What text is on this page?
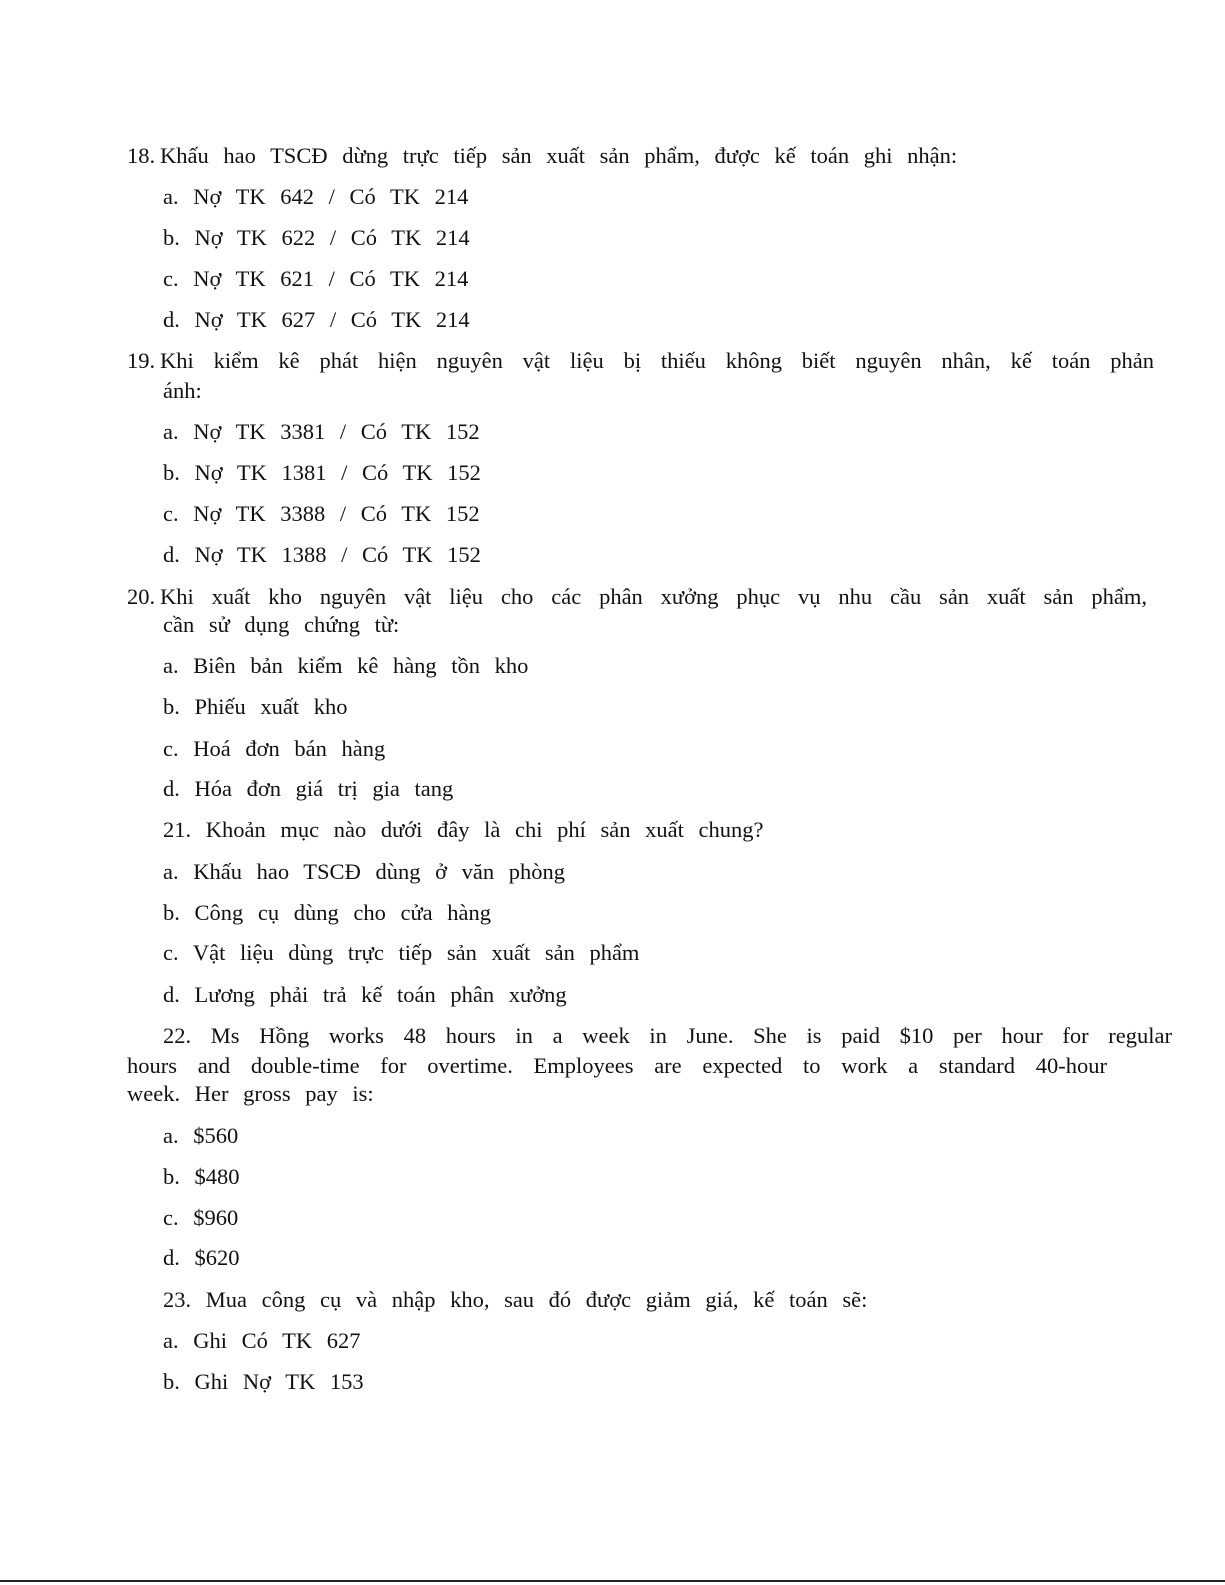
18. Khấu hao TSCĐ dừng trực tiếp sản xuất sản phẩm, được kế toán ghi nhận:
a. Nợ TK 642 / Có TK 214
b. Nợ TK 622 / Có TK 214
c. Nợ TK 621 / Có TK 214
d. Nợ TK 627 / Có TK 214
19. Khi kiểm kê phát hiện nguyên vật liệu bị thiếu không biết nguyên nhân, kế toán phản
ánh:
a. Nợ TK 3381 / Có TK 152
b. Nợ TK 1381 / Có TK 152
c. Nợ TK 3388 / Có TK 152
d. Nợ TK 1388 / Có TK 152
20. Khi xuất kho nguyên vật liệu cho các phân xưởng phục vụ nhu cầu sản xuất sản phẩm,
cần sử dụng chứng từ:
a. Biên bản kiểm kê hàng tồn kho
b. Phiếu xuất kho
c. Hoá đơn bán hàng
d. Hóa đơn giá trị gia tang
21. Khoản mục nào dưới đây là chi phí sản xuất chung?
a. Khấu hao TSCĐ dùng ở văn phòng
b. Công cụ dùng cho cửa hàng
c. Vật liệu dùng trực tiếp sản xuất sản phẩm
d. Lương phải trả kế toán phân xưởng
22. Ms Hồng works 48 hours in a week in June. She is paid $10 per hour for regular
hours and double-time for overtime. Employees are expected to work a standard 40-hour
week. Her gross pay is:
a. $560
b. $480
c. $960
d. $620
23. Mua công cụ và nhập kho, sau đó được giảm giá, kế toán sẽ:
a. Ghi Có TK 627
b. Ghi Nợ TK 153
